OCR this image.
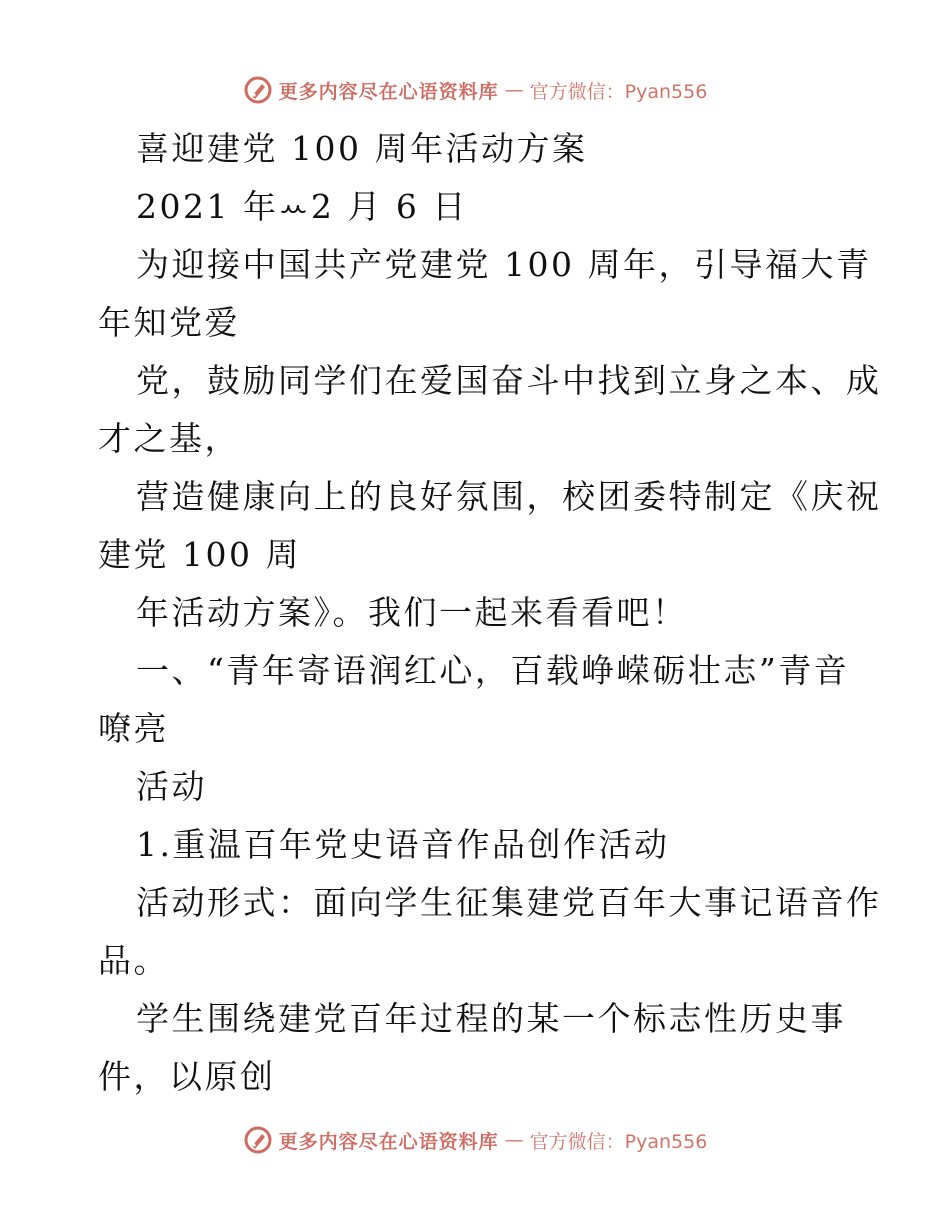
更多内容尽在心语资料库 — 官方微信：Pyan556
喜迎建党 100 周年活动方案
2021 年ꕀ2 月 6 日
为迎接中国共产党建党 100 周年，引导福大青
年知党爱
党，鼓励同学们在爱国奋斗中找到立身之本、成
才之基，
营造健康向上的良好氛围，校团委特制定《庆祝
建党 100 周
年活动方案》。我们一起来看看吧！
一、“青年寄语润红心，百载峥嵘砺壮志”青音
嘹亮
活动
1.重温百年党史语音作品创作活动
活动形式：面向学生征集建党百年大事记语音作
品。
学生围绕建党百年过程的某一个标志性历史事
件，以原创
更多内容尽在心语资料库 — 官方微信：Pyan556
